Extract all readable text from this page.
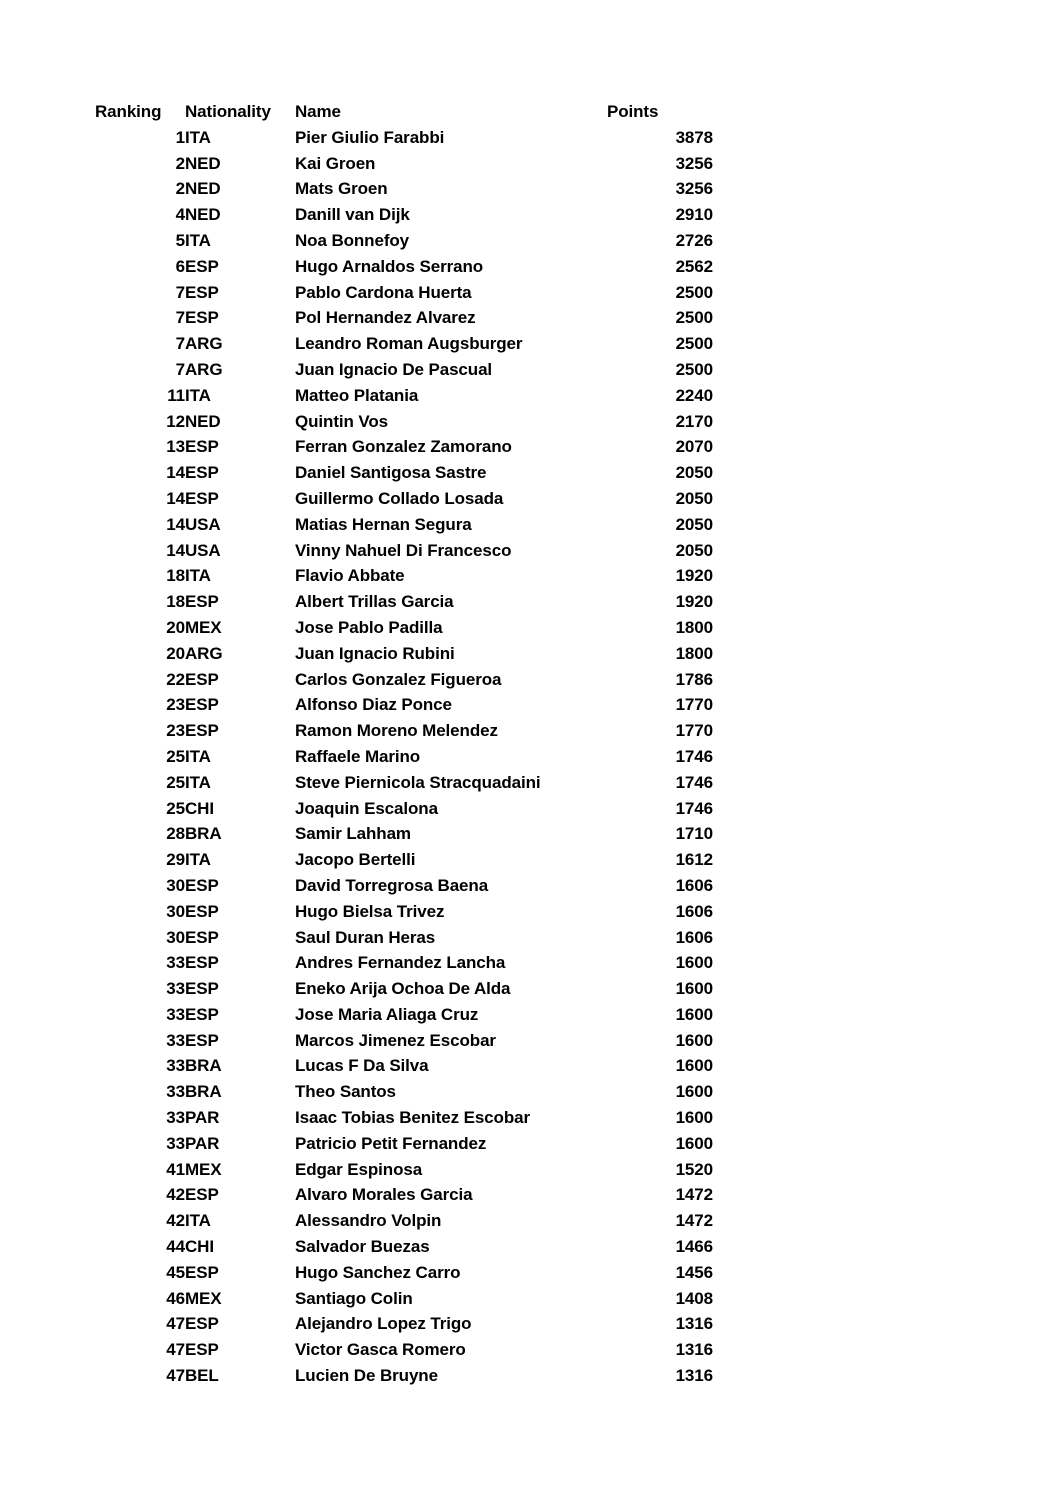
Ranking	Nationality	Name	Points
1	ITA	Pier Giulio Farabbi	3878
2	NED	Kai Groen	3256
2	NED	Mats Groen	3256
4	NED	Danill van Dijk	2910
5	ITA	Noa Bonnefoy	2726
6	ESP	Hugo Arnaldos Serrano	2562
7	ESP	Pablo Cardona Huerta	2500
7	ESP	Pol Hernandez Alvarez	2500
7	ARG	Leandro Roman Augsburger	2500
7	ARG	Juan Ignacio De Pascual	2500
11	ITA	Matteo Platania	2240
12	NED	Quintin Vos	2170
13	ESP	Ferran Gonzalez Zamorano	2070
14	ESP	Daniel Santigosa Sastre	2050
14	ESP	Guillermo Collado Losada	2050
14	USA	Matias Hernan Segura	2050
14	USA	Vinny Nahuel Di Francesco	2050
18	ITA	Flavio Abbate	1920
18	ESP	Albert Trillas Garcia	1920
20	MEX	Jose Pablo Padilla	1800
20	ARG	Juan Ignacio Rubini	1800
22	ESP	Carlos Gonzalez Figueroa	1786
23	ESP	Alfonso Diaz Ponce	1770
23	ESP	Ramon Moreno Melendez	1770
25	ITA	Raffaele Marino	1746
25	ITA	Steve Piernicola Stracquadaini	1746
25	CHI	Joaquin Escalona	1746
28	BRA	Samir Lahham	1710
29	ITA	Jacopo Bertelli	1612
30	ESP	David Torregrosa Baena	1606
30	ESP	Hugo Bielsa Trivez	1606
30	ESP	Saul Duran Heras	1606
33	ESP	Andres Fernandez Lancha	1600
33	ESP	Eneko Arija Ochoa De Alda	1600
33	ESP	Jose Maria Aliaga Cruz	1600
33	ESP	Marcos Jimenez Escobar	1600
33	BRA	Lucas F Da Silva	1600
33	BRA	Theo Santos	1600
33	PAR	Isaac Tobias Benitez Escobar	1600
33	PAR	Patricio Petit Fernandez	1600
41	MEX	Edgar Espinosa	1520
42	ESP	Alvaro Morales Garcia	1472
42	ITA	Alessandro Volpin	1472
44	CHI	Salvador Buezas	1466
45	ESP	Hugo Sanchez Carro	1456
46	MEX	Santiago Colin	1408
47	ESP	Alejandro Lopez Trigo	1316
47	ESP	Victor Gasca Romero	1316
47	BEL	Lucien De Bruyne	1316
